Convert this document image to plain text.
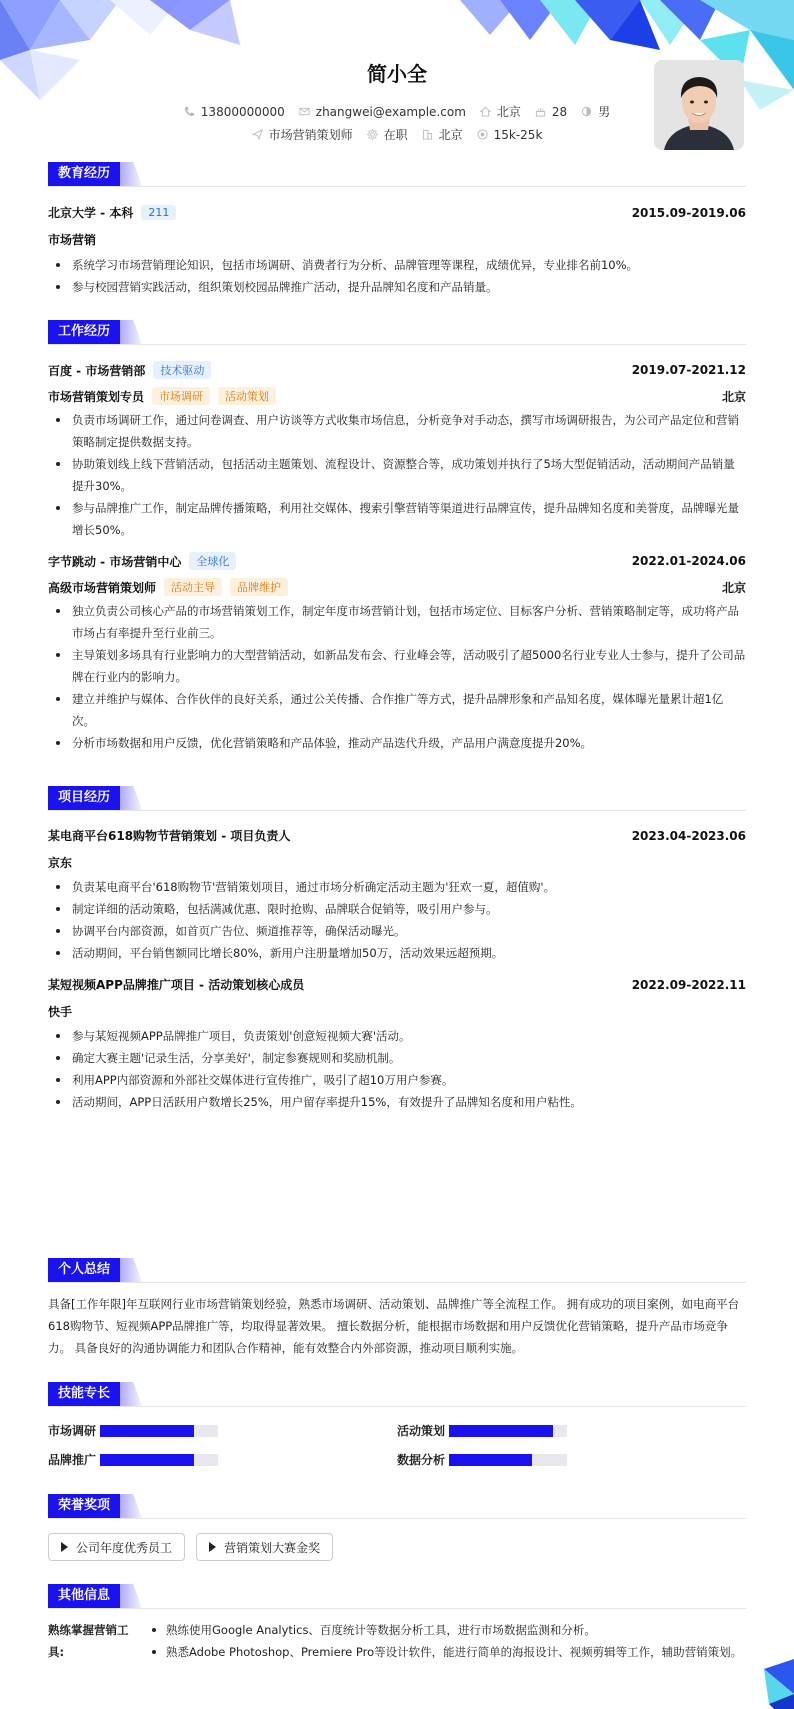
简小全
13800000000	zhangwei@example.com	北京	28	男
市场营销策划师	在职	北京	15k-25k
教育经历
北京大学 - 本科	211	2015.09-2019.06
市场营销
系统学习市场营销理论知识，包括市场调研、消费者行为分析、品牌管理等课程，成绩优异，专业排名前10%。
参与校园营销实践活动，组织策划校园品牌推广活动，提升品牌知名度和产品销量。
工作经历
百度 - 市场营销部	技术驱动	2019.07-2021.12
市场营销策划专员	市场调研	活动策划	北京
负责市场调研工作，通过问卷调查、用户访谈等方式收集市场信息，分析竞争对手动态，撰写市场调研报告，为公司产品定位和营销策略制定提供数据支持。
协助策划线上线下营销活动，包括活动主题策划、流程设计、资源整合等，成功策划并执行了5场大型促销活动，活动期间产品销量提升30%。
参与品牌推广工作，制定品牌传播策略，利用社交媒体、搜索引擎营销等渠道进行品牌宣传，提升品牌知名度和美誉度，品牌曝光量增长50%。
字节跳动 - 市场营销中心	全球化	2022.01-2024.06
高级市场营销策划师	活动主导	品牌维护	北京
独立负责公司核心产品的市场营销策划工作，制定年度市场营销计划，包括市场定位、目标客户分析、营销策略制定等，成功将产品市场占有率提升至行业前三。
主导策划多场具有行业影响力的大型营销活动，如新品发布会、行业峰会等，活动吸引了超5000名行业专业人士参与，提升了公司品牌在行业内的影响力。
建立并维护与媒体、合作伙伴的良好关系，通过公关传播、合作推广等方式，提升品牌形象和产品知名度，媒体曝光量累计超1亿次。
分析市场数据和用户反馈，优化营销策略和产品体验，推动产品迭代升级，产品用户满意度提升20%。
项目经历
某电商平台618购物节营销策划 - 项目负责人	2023.04-2023.06
京东
负责某电商平台'618购物节'营销策划项目，通过市场分析确定活动主题为'狂欢一夏，超值购'。
制定详细的活动策略，包括满减优惠、限时抢购、品牌联合促销等，吸引用户参与。
协调平台内部资源，如首页广告位、频道推荐等，确保活动曝光。
活动期间，平台销售额同比增长80%，新用户注册量增加50万，活动效果远超预期。
某短视频APP品牌推广项目 - 活动策划核心成员	2022.09-2022.11
快手
参与某短视频APP品牌推广项目，负责策划'创意短视频大赛'活动。
确定大赛主题'记录生活，分享美好'，制定参赛规则和奖励机制。
利用APP内部资源和外部社交媒体进行宣传推广，吸引了超10万用户参赛。
活动期间，APP日活跃用户数增长25%，用户留存率提升15%，有效提升了品牌知名度和用户粘性。
个人总结
具备[工作年限]年互联网行业市场营销策划经验，熟悉市场调研、活动策划、品牌推广等全流程工作。 拥有成功的项目案例，如电商平台618购物节、短视频APP品牌推广等，均取得显著效果。 擅长数据分析，能根据市场数据和用户反馈优化营销策略，提升产品市场竞争力。 具备良好的沟通协调能力和团队合作精神，能有效整合内外部资源，推动项目顺利实施。
技能专长
市场调研	活动策划
品牌推广	数据分析
荣誉奖项
公司年度优秀员工
	营销策划大赛金奖
其他信息
熟练掌握营销工具:
熟练使用Google Analytics、百度统计等数据分析工具，进行市场数据监测和分析。
熟悉Adobe Photoshop、Premiere Pro等设计软件，能进行简单的海报设计、视频剪辑等工作，辅助营销策划。
